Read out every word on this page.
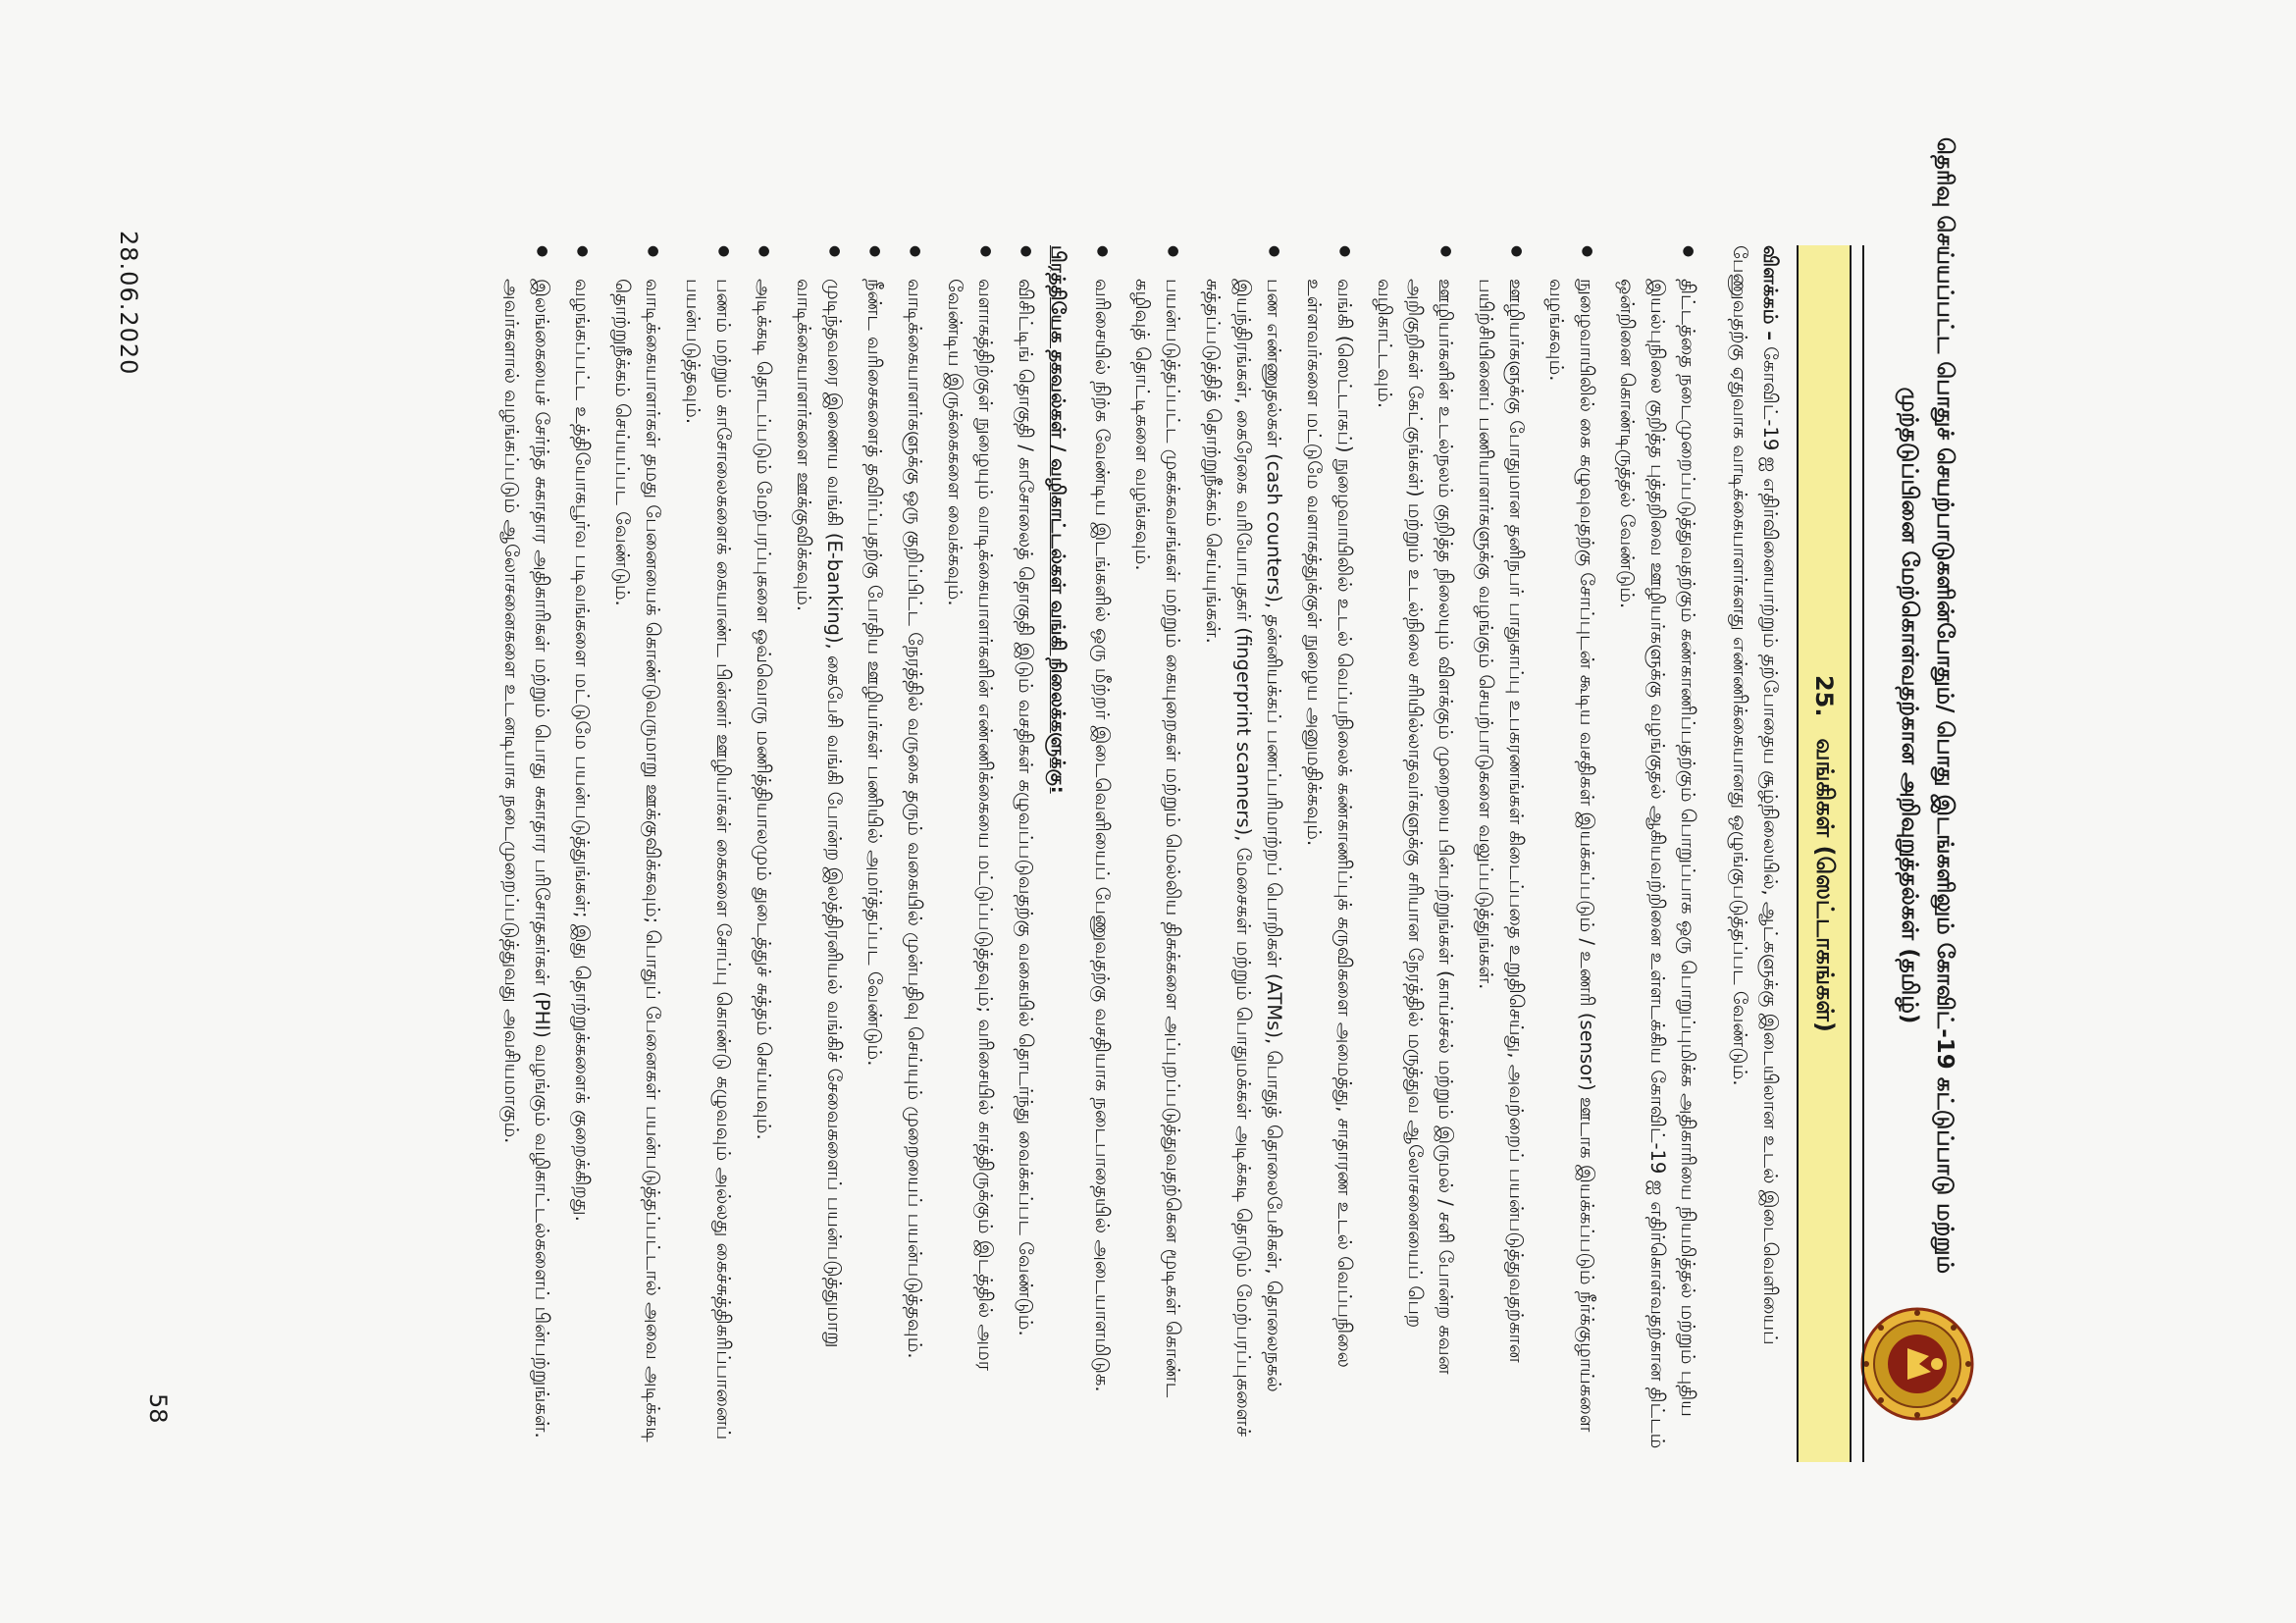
தெரிவு செய்யப்பட்ட பொதுச் செயற்பாடுகளின்போதும்/ பொது இடங்களிலும் கோவிட்-19 கட்டுப்பாடு மற்றும் முற்தடுப்பினை மேற்கொள்வதற்கான அறிவுறுத்தல்கள் (தமிழ்)
25.
வங்கிகள் (ஸெட்டாகங்கள்)

விளக்கம் – கோவிட்-19 ஐ எதிர்வினையாற்றும் தற்போதைய சூழ்நிலையில், ஆட்களுக்கு இடையிலான உடல் இடைவெளியைப் பேணுவதற்கு ஏதுவாக வாடிக்கையாளர்களது எண்ணிக்கையானது ஒழுங்குபடுத்தப்பட வேண்டும்.

● திட்டத்தை நடைமுறைப்படுத்துவதற்கும் கண்காணிப்பதற்கும் பொறுப்பாக ஒரு பொறுப்புமிக்க அதிகாரியை நியமித்தல் மற்றும் புதிய இயல்புநிலை குறித்த புத்தறிவை ஊழியர்களுக்கு வழங்குதல் ஆகியவற்றினை உள்ளடக்கிய கோவிட்-19 ஐ எதிர்கொள்வதற்கான திட்டம் ஒன்றினை கொண்டிருத்தல் வேண்டும்.
● நுழைவாயிலில் கை கழுவுவதற்கு சோப்புடன் கூடிய வசதிகள் இயக்கப்படும் / உணரி (sensor) ஊடாக இயக்கப்படும் நீர்க்குழாய்களை வழங்கவும்.
● ஊழியர்களுக்கு போதுமான தனிநபர் பாதுகாப்பு உபகரணங்கள் கிடைப்பதை உறுதிசெய்து, அவற்றைப் பயன்படுத்துவதற்கான பயிற்சியினைப் பணியாளர்களுக்கு வழங்கும் செயற்பாடுகளை வலுப்படுத்துங்கள்.
● ஊழியர்களின் உடல்நலம் குறித்த நிலையும் விளக்கும் முறையை பின்பற்றுங்கள் (காய்ச்சல் மற்றும் இருமல் / சளி போன்ற கவன அறிகுறிகள் கேட்குங்கள்) மற்றும் உடல்நிலை சரியில்லாதவர்களுக்கு சரியான நேரத்தில் மருத்துவ ஆலோசனையைப் பெற வழிகாட்டவும்.
● வங்கி (ஸெட்டாகப்) நுழைவாயிலில் உடல் வெப்பநிலைக் கண்காணிப்புக் கருவிகளை அமைத்து, சாதாரண உடல் வெப்பநிலை உள்ளவர்களை மட்டுமே வளாகத்துக்குள் நுழைய அனுமதிக்கவும்.
● பண எண்ணுதல்கள் (cash counters), தன்னியக்கப் பணப்பரிமாற்றப் பொறிகள் (ATMs), பொதுத் தொலைபேசிகள், தொலைநகல் இயந்திரங்கள், கைரேகை வரியோபதகர் (fingerprint scanners), மேசைகள் மற்றும் பொதுமக்கள் அடிக்கடி தொடும் மேற்பரப்புகளைச் சுத்தப்படுத்தித் தொற்றுநீக்கம் செய்யுங்கள்.
● பயன்படுத்தப்பட்ட முகக்கவசங்கள் மற்றும் கையுறைகள் மற்றும் மெல்லிய திசுக்களை அப்புறப்படுத்துவதற்கென மூடிகள் கொண்ட கழிவுத் தொட்டிகளை வழங்கவும்.
● வரிசையில் நிற்க வேண்டிய இடங்களில் ஒரு மீற்றர் இடைவெளியைப் பேணுவதற்கு வசதியாக நடைபாதையில் அடையாளமிடுக.
பிரத்தியேக தகவல்கள் / வழிகாட்டல்கள் வங்கி நிலைக்களுக்கு:
● விசிட்டிங் தொகுதி / காசோலைத் தொகுதி இடும் வசதிகள் கழுவப்படுவதற்கு வகையில் தொடர்ந்து வைக்கப்பட வேண்டும்.
● வளாகத்திற்குள் நுழையும் வாடிக்கையாளர்களின் எண்ணிக்கையை மட்டுப்படுத்தவும்; வரிசையில் காத்திருக்கும் இடத்தில் அமர வேண்டிய இருக்கைகளை வைக்கவும்.
● வாடிக்கையாளர்களுக்கு ஒரு குறிப்பிட்ட நேரத்தில் வருகை தரும் வகையில் முன்பதிவு செய்யும் முறையைப் பயன்படுத்தவும்.
● நீண்ட வரிசைகளைத் தவிர்ப்பதற்கு போதிய ஊழியர்கள் பணியில் அமர்த்தப்பட வேண்டும்.
● முடிந்தவரை இணைய வங்கி (E-banking), கைபேசி வங்கி போன்ற இலத்திரனியல் வங்கிச் சேவைகளைப் பயன்படுத்துமாறு வாடிக்கையாளர்களை ஊக்குவிக்கவும்.
● அடிக்கடி தொடப்படும் மேற்பரப்புகளை ஒவ்வொரு மணித்தியாலமும் துடைத்துச் சுத்தம் செய்யவும்.
● பணம் மற்றும் காசோலைகளைக் கையாண்ட பின்னர் ஊழியர்கள் கைகளை சோப்பு கொண்டு கழுவவும் அல்லது கைச்சுத்திகரிப்பானைப் பயன்படுத்தவும்.
● வாடிக்கையாளர்கள் தமது பேனையைக் கொண்டுவருமாறு ஊக்குவிக்கவும்; பொதுப் பேனைகள் பயன்படுத்தப்பட்டால் அவை அடிக்கடி தொற்றுநீக்கம் செய்யப்பட வேண்டும்.
● வழங்கப்பட்ட உத்தியோகபூர்வ படிவங்களை மட்டுமே பயன்படுத்துங்கள்; இது தொற்றுக்களைக் குறைக்கிறது.
● இலங்கையைச் சேர்ந்த சுகாதார அதிகாரிகள் மற்றும் பொது சுகாதார பரிசோதகர்கள் (PHI) வழங்கும் வழிகாட்டல்களைப் பின்பற்றுங்கள். அவர்களால் வழங்கப்படும் ஆலோசனைகளை உடனடியாக நடைமுறைப்படுத்துவது அவசியமாகும்.
58
28.06.2020
